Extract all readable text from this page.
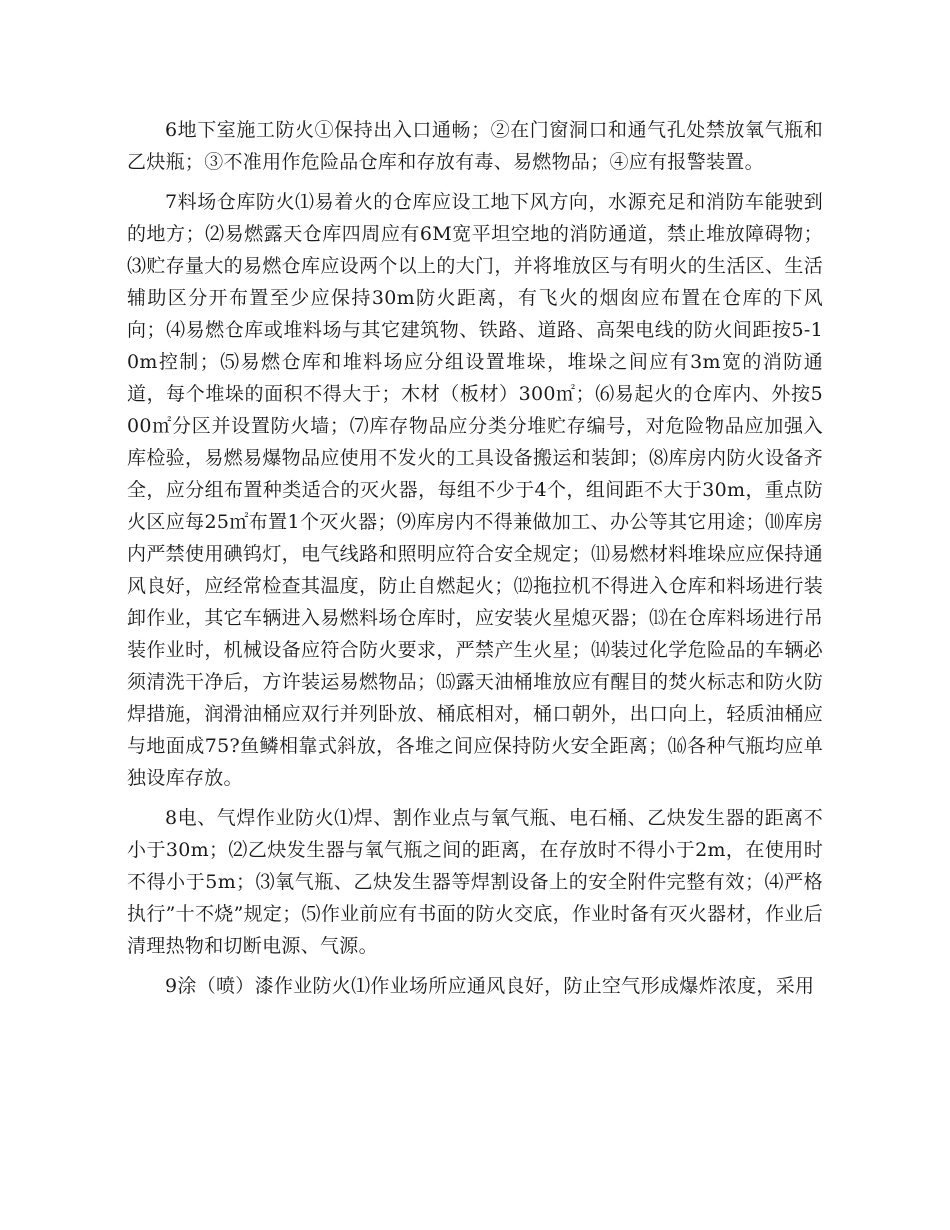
6地下室施工防火①保持出入口通畅；②在门窗洞口和通气孔处禁放氧气瓶和乙炔瓶；③不准用作危险品仓库和存放有毒、易燃物品；④应有报警装置。

7料场仓库防火⑴易着火的仓库应设工地下风方向，水源充足和消防车能驶到的地方；⑵易燃露天仓库四周应有6M宽平坦空地的消防通道，禁止堆放障碍物；⑶贮存量大的易燃仓库应设两个以上的大门，并将堆放区与有明火的生活区、生活辅助区分开布置至少应保持30m防火距离，有飞火的烟囱应布置在仓库的下风向；⑷易燃仓库或堆料场与其它建筑物、铁路、道路、高架电线的防火间距按5-10m控制；⑸易燃仓库和堆料场应分组设置堆垛，堆垛之间应有3m宽的消防通道，每个堆垛的面积不得大于；木材（板材）300㎡；⑹易起火的仓库内、外按500㎡分区并设置防火墙；⑺库存物品应分类分堆贮存编号，对危险物品应加强入库检验，易燃易爆物品应使用不发火的工具设备搬运和装卸；⑻库房内防火设备齐全，应分组布置种类适合的灭火器，每组不少于4个，组间距不大于30m，重点防火区应每25㎡布置1个灭火器；⑼库房内不得兼做加工、办公等其它用途；⑽库房内严禁使用碘钨灯，电气线路和照明应符合安全规定；⑾易燃材料堆垛应应保持通风良好，应经常检查其温度，防止自燃起火；⑿拖拉机不得进入仓库和料场进行装卸作业，其它车辆进入易燃料场仓库时，应安装火星熄灭器；⒀在仓库料场进行吊装作业时，机械设备应符合防火要求，严禁产生火星；⒁装过化学危险品的车辆必须清洗干净后，方许装运易燃物品；⒂露天油桶堆放应有醒目的焚火标志和防火防焊措施，润滑油桶应双行并列卧放、桶底相对，桶口朝外，出口向上，轻质油桶应与地面成75?鱼鳞相靠式斜放，各堆之间应保持防火安全距离；⒃各种气瓶均应单独设库存放。

8电、气焊作业防火⑴焊、割作业点与氧气瓶、电石桶、乙炔发生器的距离不小于30m；⑵乙炔发生器与氧气瓶之间的距离，在存放时不得小于2m，在使用时不得小于5m；⑶氧气瓶、乙炔发生器等焊割设备上的安全附件完整有效；⑷严格执行”十不烧”规定；⑸作业前应有书面的防火交底，作业时备有灭火器材，作业后清理热物和切断电源、气源。

9涂（喷）漆作业防火⑴作业场所应通风良好，防止空气形成爆炸浓度，采用
